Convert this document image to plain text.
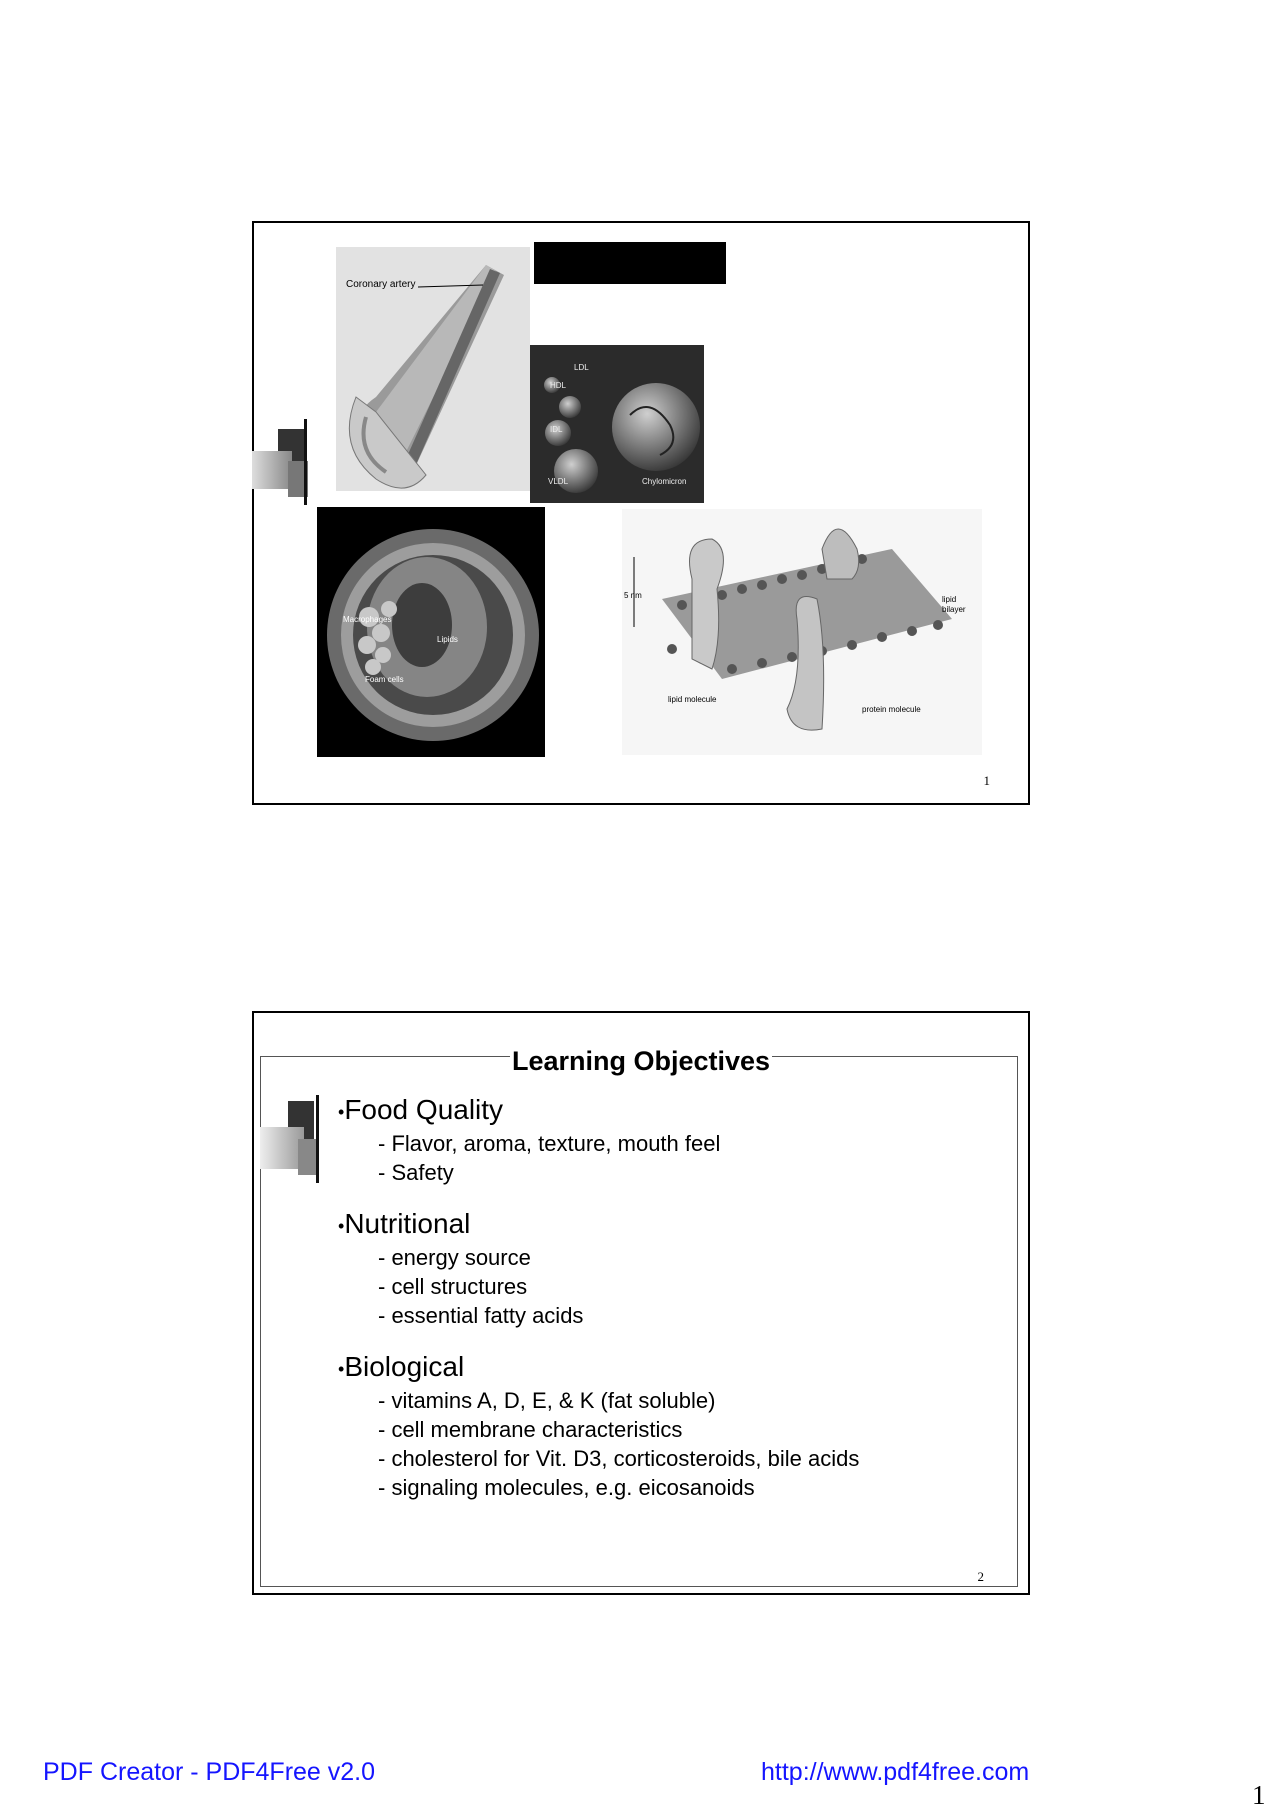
Coronary artery
LDL
HDL
IDL
VLDL	Chylomicron
Macrophages
Lipids
Foam cells
5 nm	lipid bilayer
lipid molecule
protein molecule
1
Learning Objectives
•Food Quality
- Flavor, aroma, texture, mouth feel
- Safety
•Nutritional
- energy source
- cell structures
- essential fatty acids
•Biological
- vitamins A, D, E, & K (fat soluble)
- cell membrane characteristics
- cholesterol for Vit. D3, corticosteroids, bile acids
- signaling molecules, e.g. eicosanoids
2
PDF Creator - PDF4Free v2.0	http://www.pdf4free.com
1
